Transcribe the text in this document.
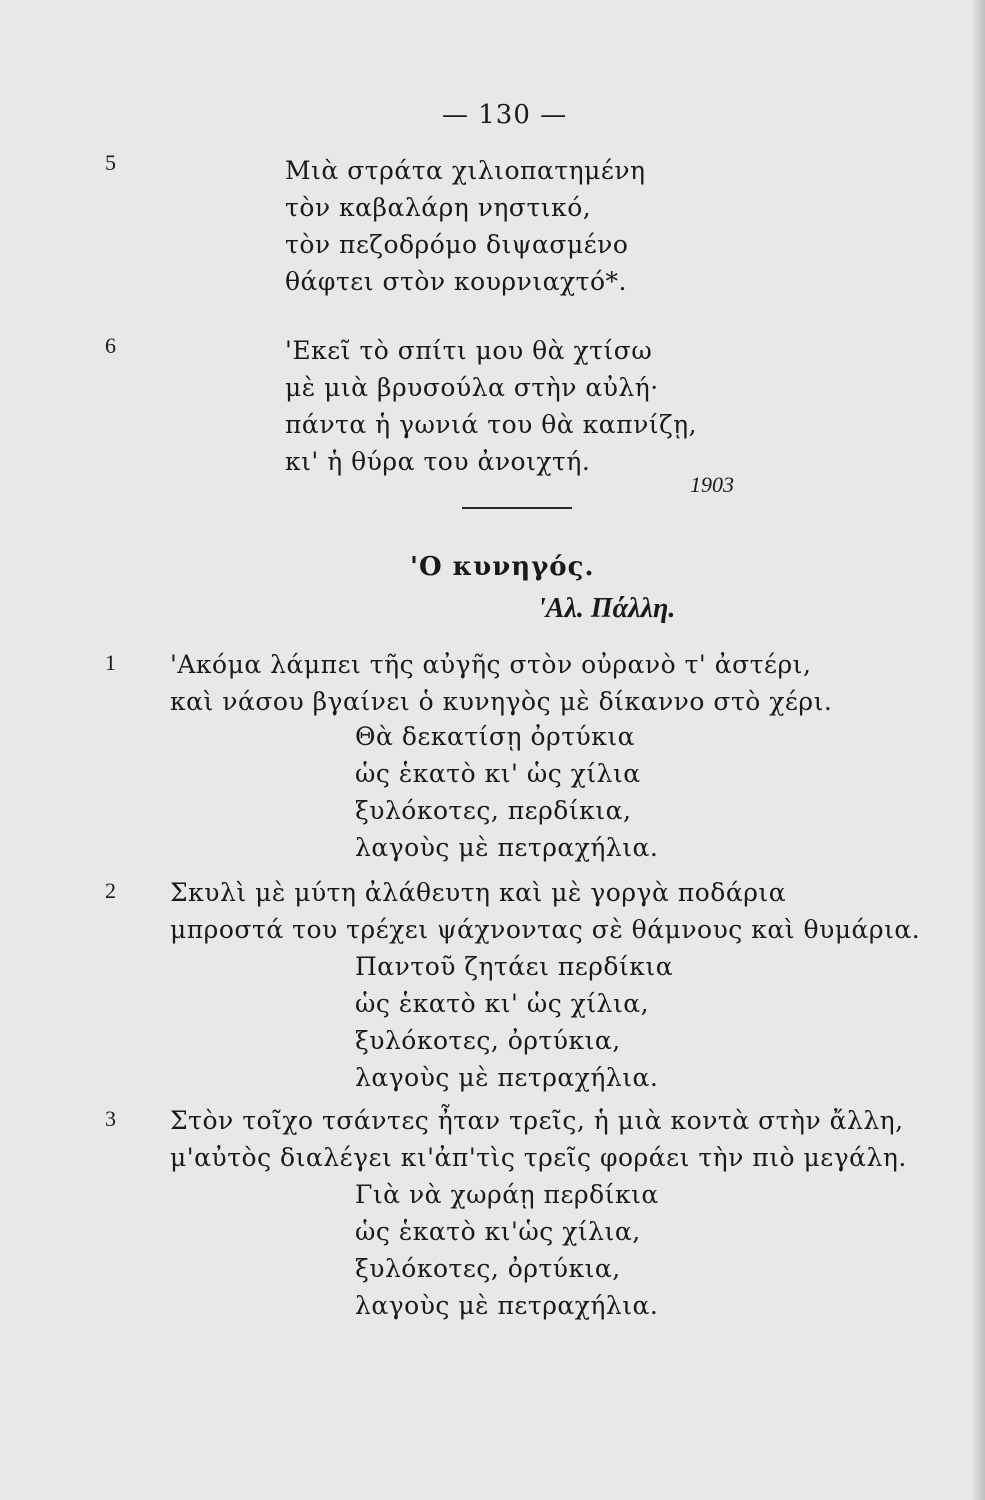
— 130 —
5	Μιὰ στράτα χιλιοπατημένη
τὸν καβαλάρη νηστικό,
τὸν πεζοδρόμο διψασμένο
θάφτει στὸν κουρνιαχτό*.
6	'Εκεῖ τὸ σπίτι μου θὰ χτίσω
μὲ μιὰ βρυσούλα στὴν αὐλή·
πάντα ἡ γωνιά του θὰ καπνίζῃ,
κι' ἡ θύρα του ἀνοιχτή.
1903
'Ο κυνηγός.
'Αλ. Πάλλη.
1 'Ακόμα λάμπει τῆς αὐγῆς στὸν οὐρανὸ τ' ἀστέρι,
καὶ νάσου βγαίνει ὁ κυνηγὸς μὲ δίκαννο στὸ χέρι.
Θὰ δεκατίσῃ ὀρτύκια
ὡς ἑκατὸ κι' ὡς χίλια
ξυλόκοτες, περδίκια,
λαγοὺς μὲ πετραχήλια.
2 Σκυλὶ μὲ μύτη ἀλάθευτη καὶ μὲ γοργὰ ποδάρια
μπροστά του τρέχει ψάχνοντας σὲ θάμνους καὶ θυμάρια.
Παντοῦ ζητάει περδίκια
ὡς ἑκατὸ κι' ὡς χίλια,
ξυλόκοτες, ὀρτύκια,
λαγοὺς μὲ πετραχήλια.
3 Στὸν τοῖχο τσάντες ἦταν τρεῖς, ἡ μιὰ κοντὰ στὴν ἄλλη,
μ'αὐτὸς διαλέγει κι'ἀπ'τὶς τρεῖς φοράει τὴν πιὸ μεγάλη.
Γιὰ νὰ χωράῃ περδίκια
ὡς ἑκατὸ κι'ὡς χίλια,
ξυλόκοτες, ὀρτύκια,
λαγοὺς μὲ πετραχήλια.
